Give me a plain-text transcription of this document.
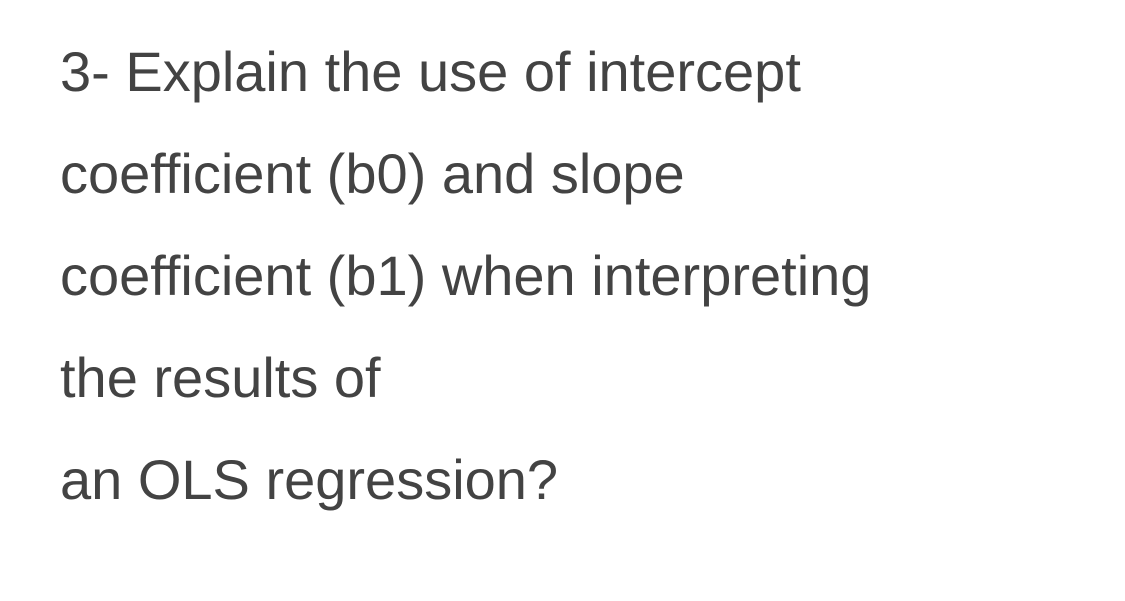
3- Explain the use of intercept
coefficient (b0) and slope
coefficient (b1) when interpreting
the results of
an OLS regression?
